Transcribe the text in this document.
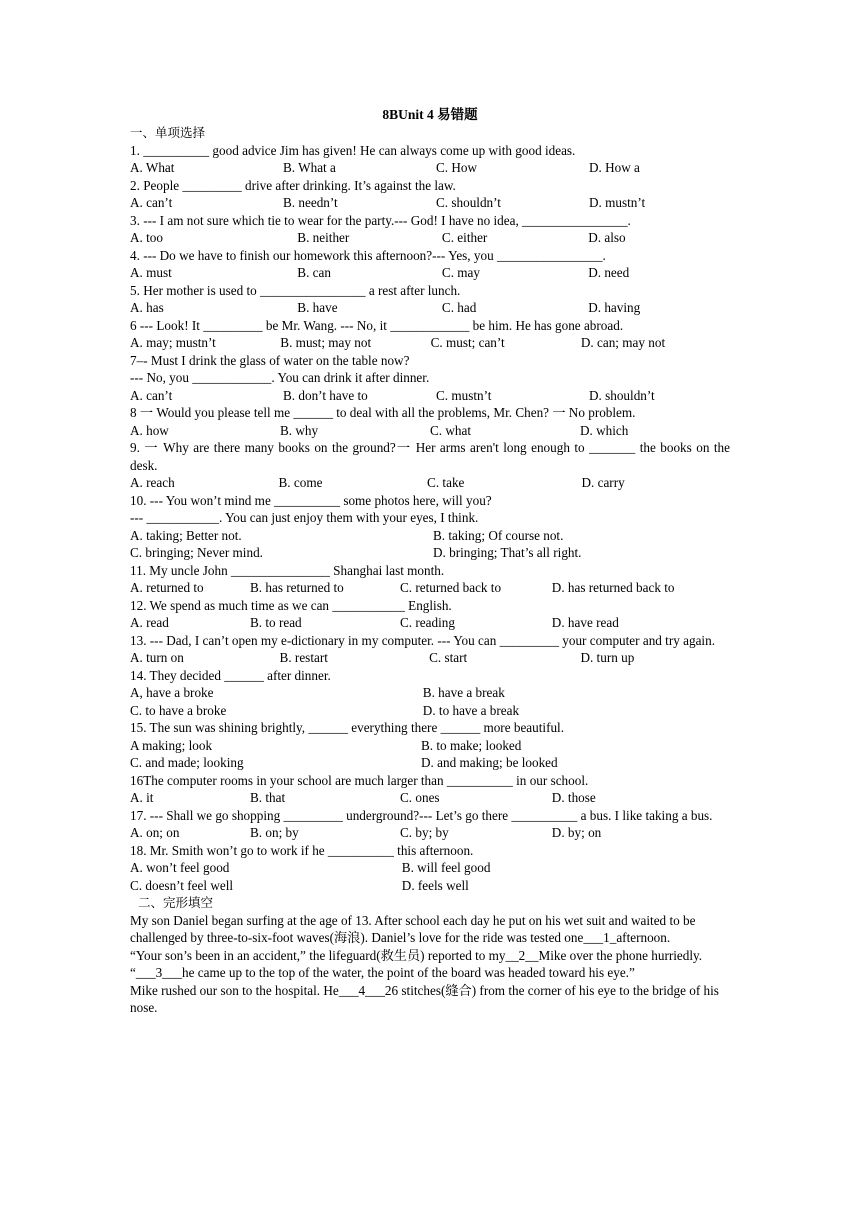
8BUnit 4 易错题
一、单项选择
1. __________ good advice Jim has given! He can always come up with good ideas.
A. What	B. What a	C. How	D. How a
2. People _________ drive after drinking. It’s against the law.
A. can’t	B. needn’t	C. shouldn’t	D. mustn’t
3. --- I am not sure which tie to wear for the party.--- God! I have no idea, ________________.
A. too	B. neither	C. either	D. also
4. --- Do we have to finish our homework this afternoon?--- Yes, you ________________.
A. must	B. can	C. may	D. need
5. Her mother is used to ________________ a rest after lunch.
A. has	B. have	C. had	D. having
6 --- Look! It _________ be Mr. Wang. --- No, it ____________ be him. He has gone abroad.
A. may; mustn’t	B. must; may not	C. must; can’t	D. can; may not
7–- Must I drink the glass of water on the table now?
--- No, you ____________. You can drink it after dinner.
A. can’t	B. don’t have to	C. mustn’t	D. shouldn’t
8 一 Would you please tell me ______ to deal with all the problems, Mr. Chen? 一 No problem.
A. how	B. why	C. what	D. which
9. 一 Why are there many books on the ground?一 Her arms aren't long enough to _______ the books on the desk.
A. reach	B. come	C. take	D. carry
10. --- You won’t mind me __________ some photos here, will you?
--- ___________. You can just enjoy them with your eyes, I think.
A. taking; Better not.	B. taking; Of course not.
C. bringing; Never mind.	D. bringing; That’s all right.
11. My uncle John _______________ Shanghai last month.
A. returned to	B. has returned to	C. returned back to	D. has returned back to
12. We spend as much time as we can ___________ English.
A. read	B. to read	C. reading	D. have read
13. --- Dad, I can’t open my e-dictionary in my computer. --- You can _________ your computer and try again.
A. turn on	B. restart	C. start	D. turn up
14. They decided ______ after dinner.
A, have a broke	B. have a break
C. to have a broke	D. to have a break
15. The sun was shining brightly, ______ everything there ______ more beautiful.
A making; look	B. to make; looked
C. and made; looking	D. and making; be looked
16The computer rooms in your school are much larger than __________ in our school.
A. it	B. that	C. ones	D. those
17. --- Shall we go shopping _________ underground?--- Let’s go there __________ a bus. I like taking a bus.
A. on; on	B. on; by	C. by; by	D. by; on
18. Mr. Smith won’t go to work if he __________ this afternoon.
A. won’t feel good	B. will feel good
C. doesn’t feel well	D. feels well
二、完形填空
My son Daniel began surfing at the age of 13. After school each day he put on his wet suit and waited to be challenged by three-to-six-foot waves(海浪). Daniel’s love for the ride was tested one___1_afternoon.
“Your son’s been in an accident,” the lifeguard(救生员) reported to my__2__Mike over the phone hurriedly. “___3___he came up to the top of the water, the point of the board was headed toward his eye.”
Mike rushed our son to the hospital. He___4___26 stitches(缝合) from the corner of his eye to the bridge of his nose.
